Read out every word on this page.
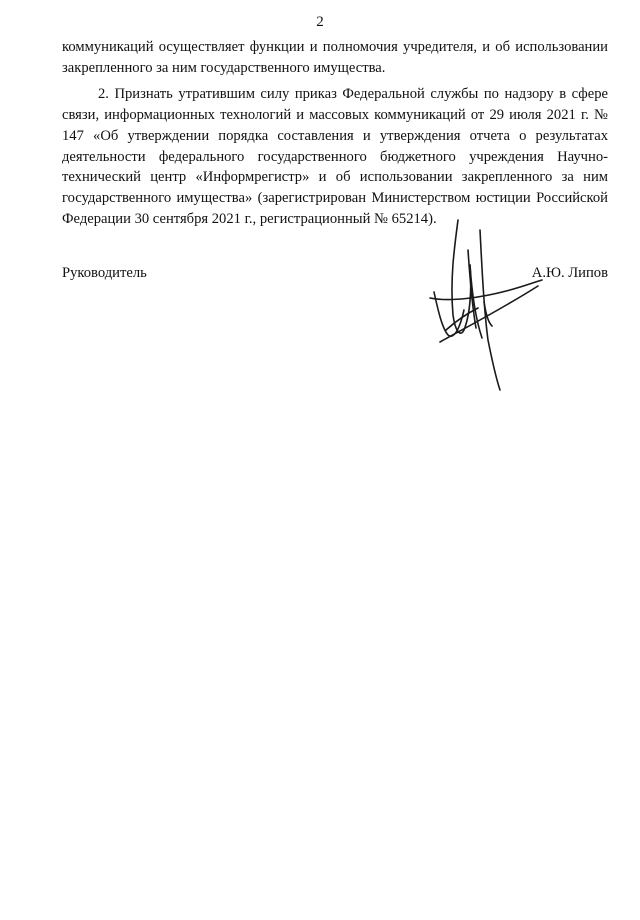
2

коммуникаций осуществляет функции и полномочия учредителя, и об использовании закрепленного за ним государственного имущества.

2. Признать утратившим силу приказ Федеральной службы по надзору в сфере связи, информационных технологий и массовых коммуникаций от 29 июля 2021 г. № 147 «Об утверждении порядка составления и утверждения отчета о результатах деятельности федерального государственного бюджетного учреждения Научно-технический центр «Информрегистр» и об использовании закрепленного за ним государственного имущества» (зарегистрирован Министерством юстиции Российской Федерации 30 сентября 2021 г., регистрационный № 65214).

Руководитель	А.Ю. Липов
